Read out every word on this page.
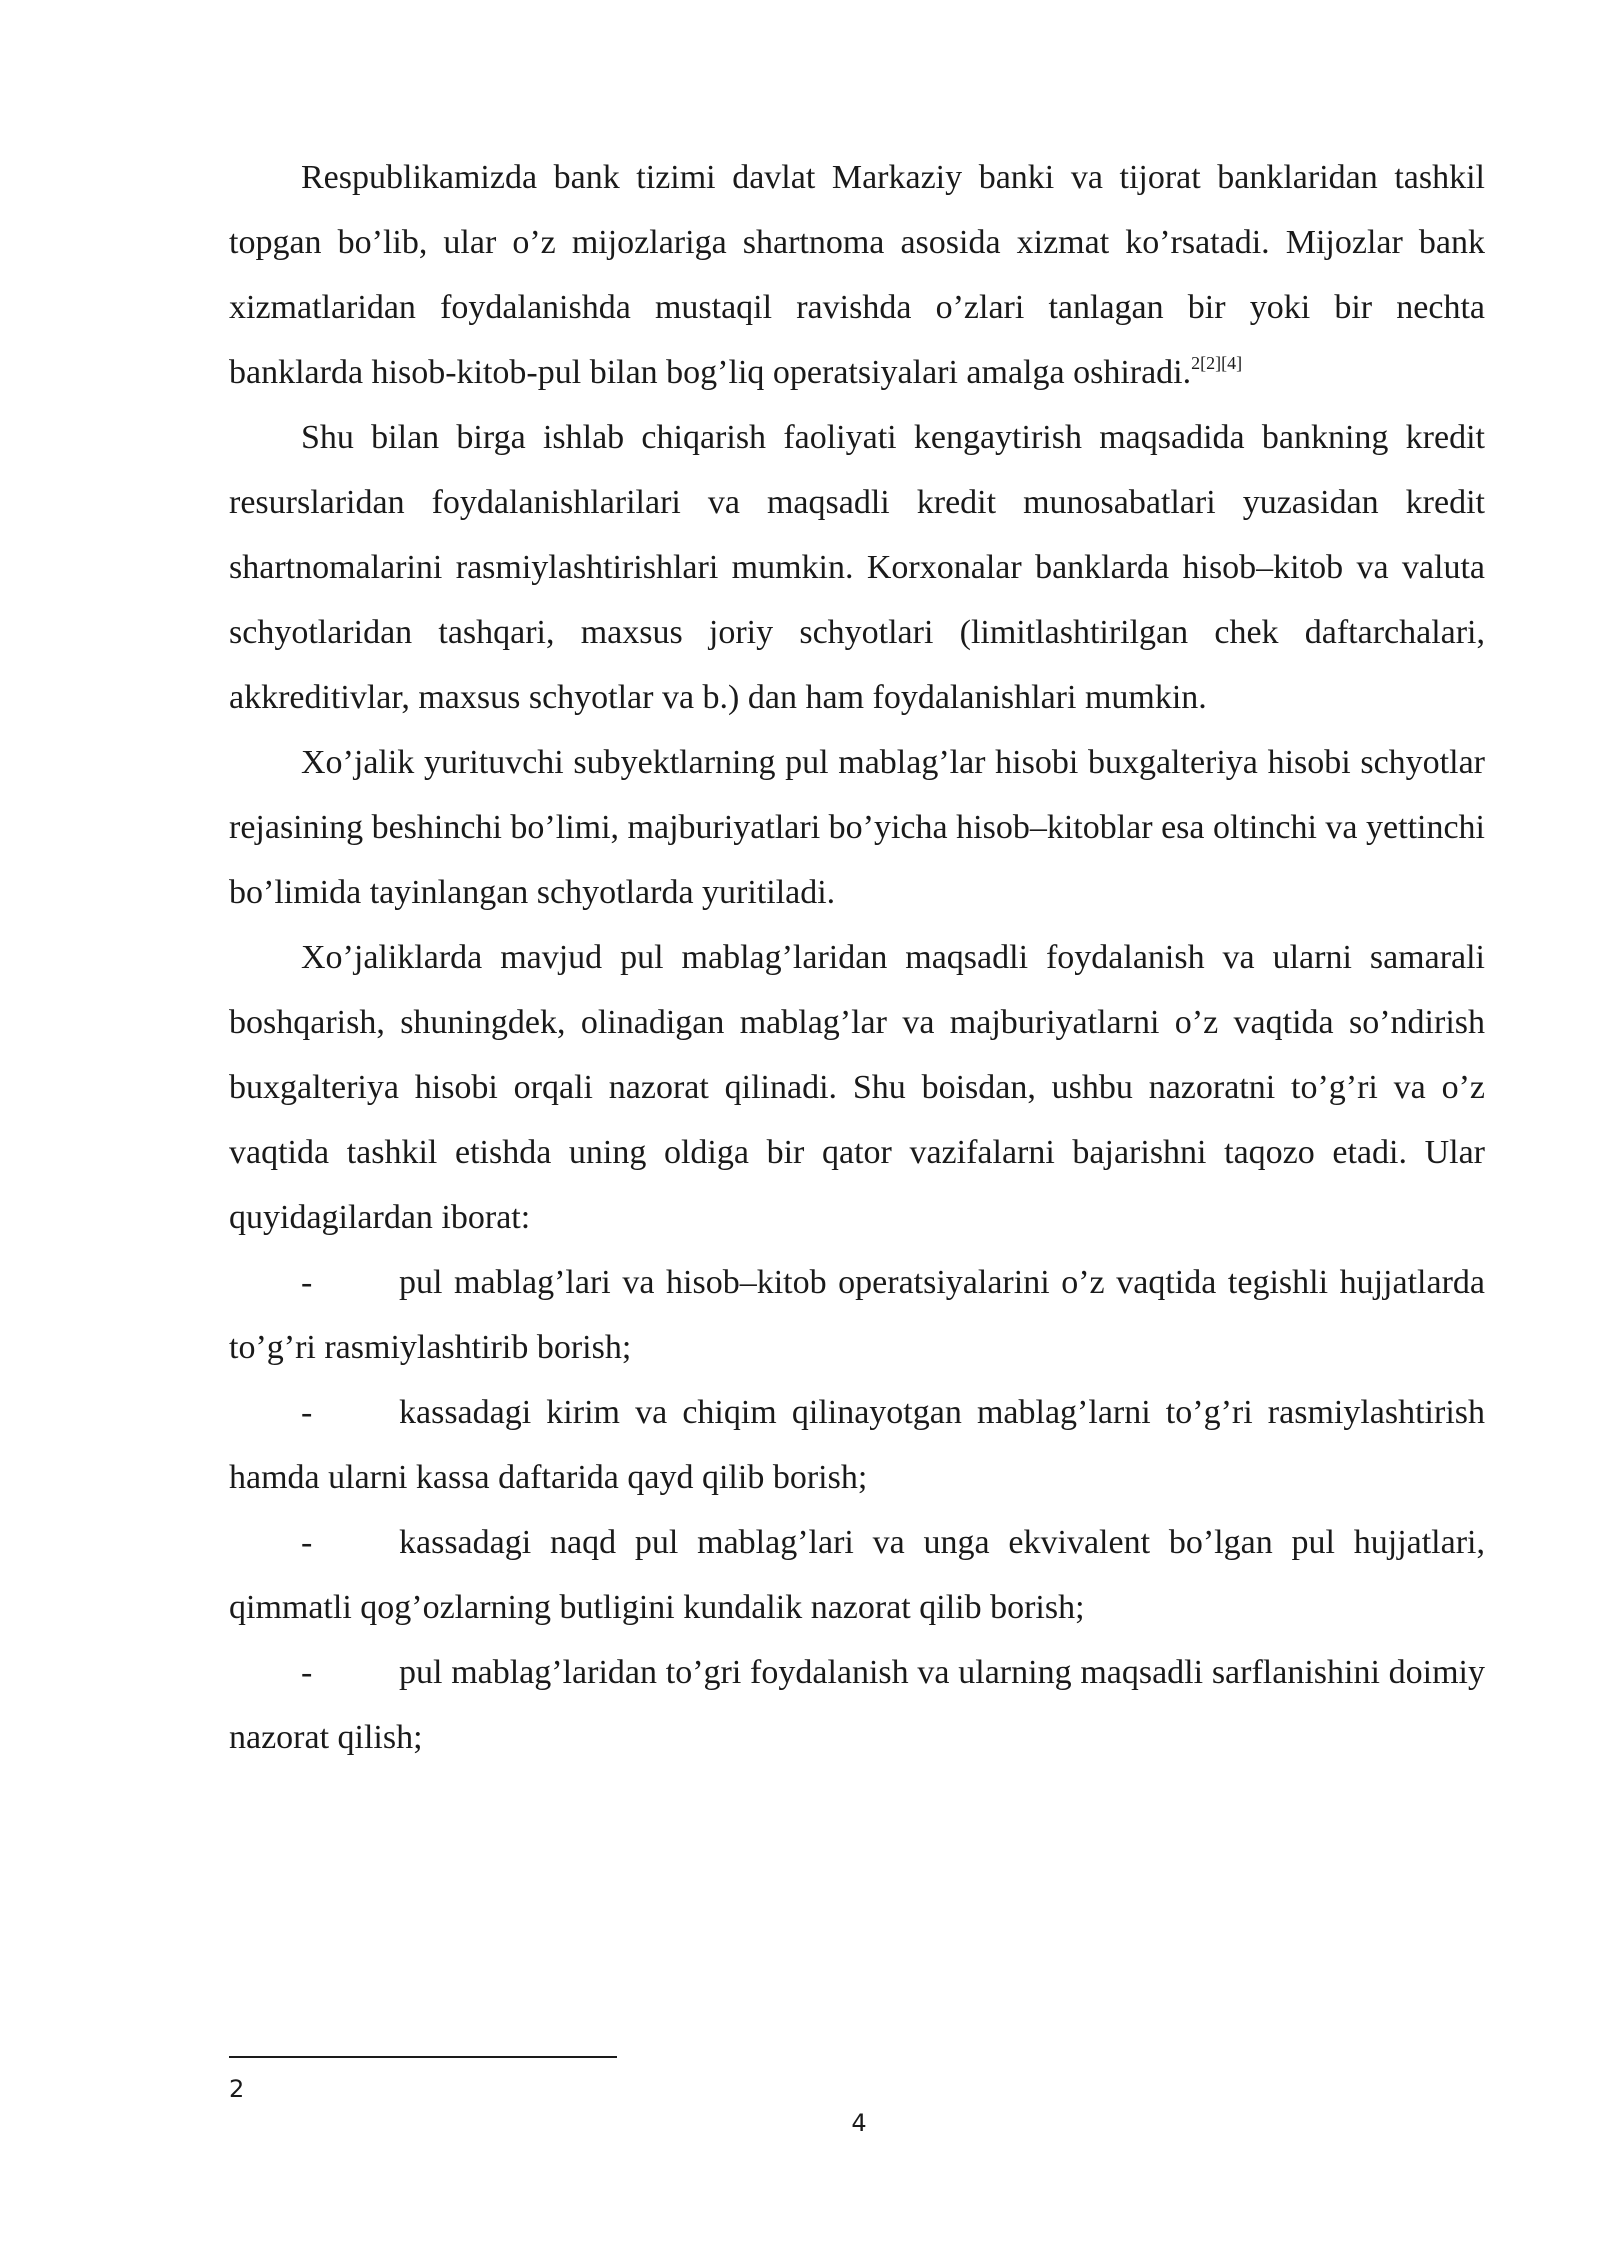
Respublikamizda bank tizimi davlat Markaziy banki va tijorat banklaridan tashkil topgan bo’lib, ular o’z mijozlariga shartnoma asosida xizmat ko’rsatadi. Mijozlar bank xizmatlaridan foydalanishda mustaqil ravishda o’zlari tanlagan bir yoki bir nechta banklarda hisob-kitob-pul bilan bog’liq operatsiyalari amalga oshiradi.$^{2[2][4]}$

Shu bilan birga ishlab chiqarish faoliyati kengaytirish maqsadida bankning kredit resurslaridan foydalanishlarilari va maqsadli kredit munosabatlari yuzasidan kredit shartnomalarini rasmiylashtirishlari mumkin. Korxonalar banklarda hisob–kitob va valuta schyotlaridan tashqari, maxsus joriy schyotlari (limitlashtirilgan chek daftarchalari, akkreditivlar, maxsus schyotlar va b.) dan ham foydalanishlari mumkin.

Xo’jalik yurituvchi subyektlarning pul mablag’lar hisobi buxgalteriya hisobi schyotlar rejasining beshinchi bo’limi, majburiyatlari bo’yicha hisob–kitoblar esa oltinchi va yettinchi bo’limida tayinlangan schyotlarda yuritiladi.

Xo’jaliklarda mavjud pul mablag’laridan maqsadli foydalanish va ularni samarali boshqarish, shuningdek, olinadigan mablag’lar va majburiyatlarni o’z vaqtida so’ndirish buxgalteriya hisobi orqali nazorat qilinadi. Shu boisdan, ushbu nazoratni to’g’ri va o’z vaqtida tashkil etishda uning oldiga bir qator vazifalarni bajarishni taqozo etadi. Ular quyidagilardan iborat:

-	pul mablag’lari va hisob–kitob operatsiyalarini o’z vaqtida tegishli hujjatlarda to’g’ri rasmiylashtirib borish;

-	kassadagi kirim va chiqim qilinayotgan mablag’larni to’g’ri rasmiylashtirish hamda ularni kassa daftarida qayd qilib borish;

-	kassadagi naqd pul mablag’lari va unga ekvivalent bo’lgan pul hujjatlari, qimmatli qog’ozlarning butligini kundalik nazorat qilib borish;

-	pul mablag’laridan to’gri foydalanish va ularning maqsadli sarflanishini doimiy nazorat qilish;

2
4
